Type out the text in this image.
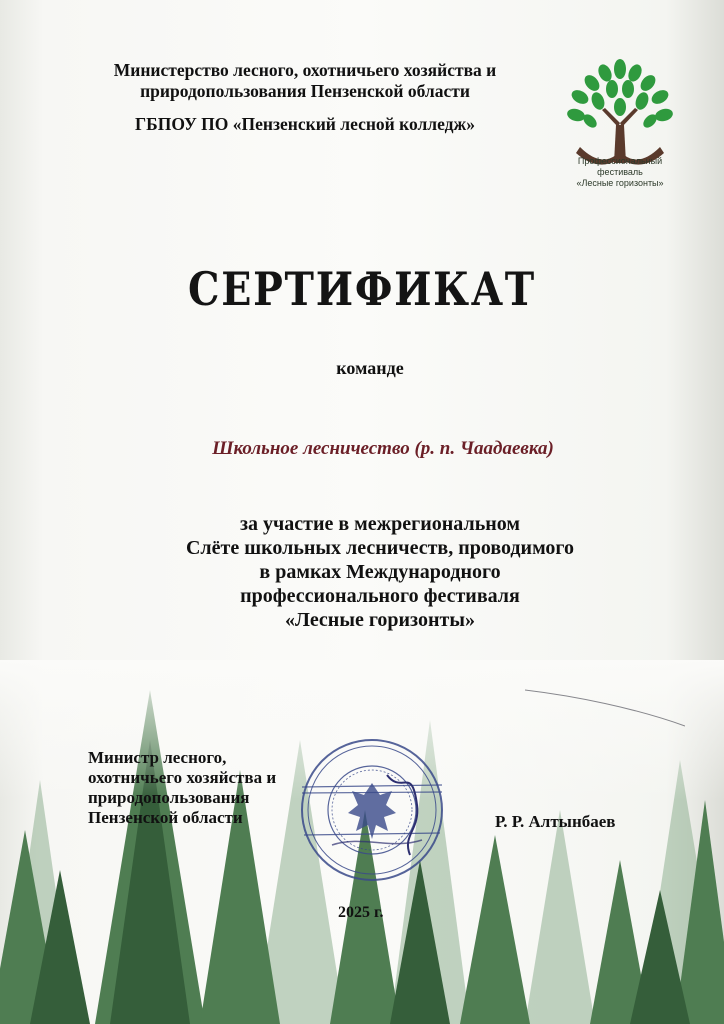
Министерство лесного, охотничьего хозяйства и
природопользования Пензенской области
ГБПОУ ПО «Пензенский лесной колледж»
Профессиональный
фестиваль
«Лесные горизонты»
СЕРТИФИКАТ
команде
Школьное лесничество (р. п. Чаадаевка)
за участие в межрегиональном
Слёте школьных лесничеств, проводимого
в рамках Международного
профессионального фестиваля
«Лесные горизонты»
Министр лесного,
охотничьего хозяйства и
природопользования
Пензенской области	Р. Р. Алтынбаев
2025 г.
